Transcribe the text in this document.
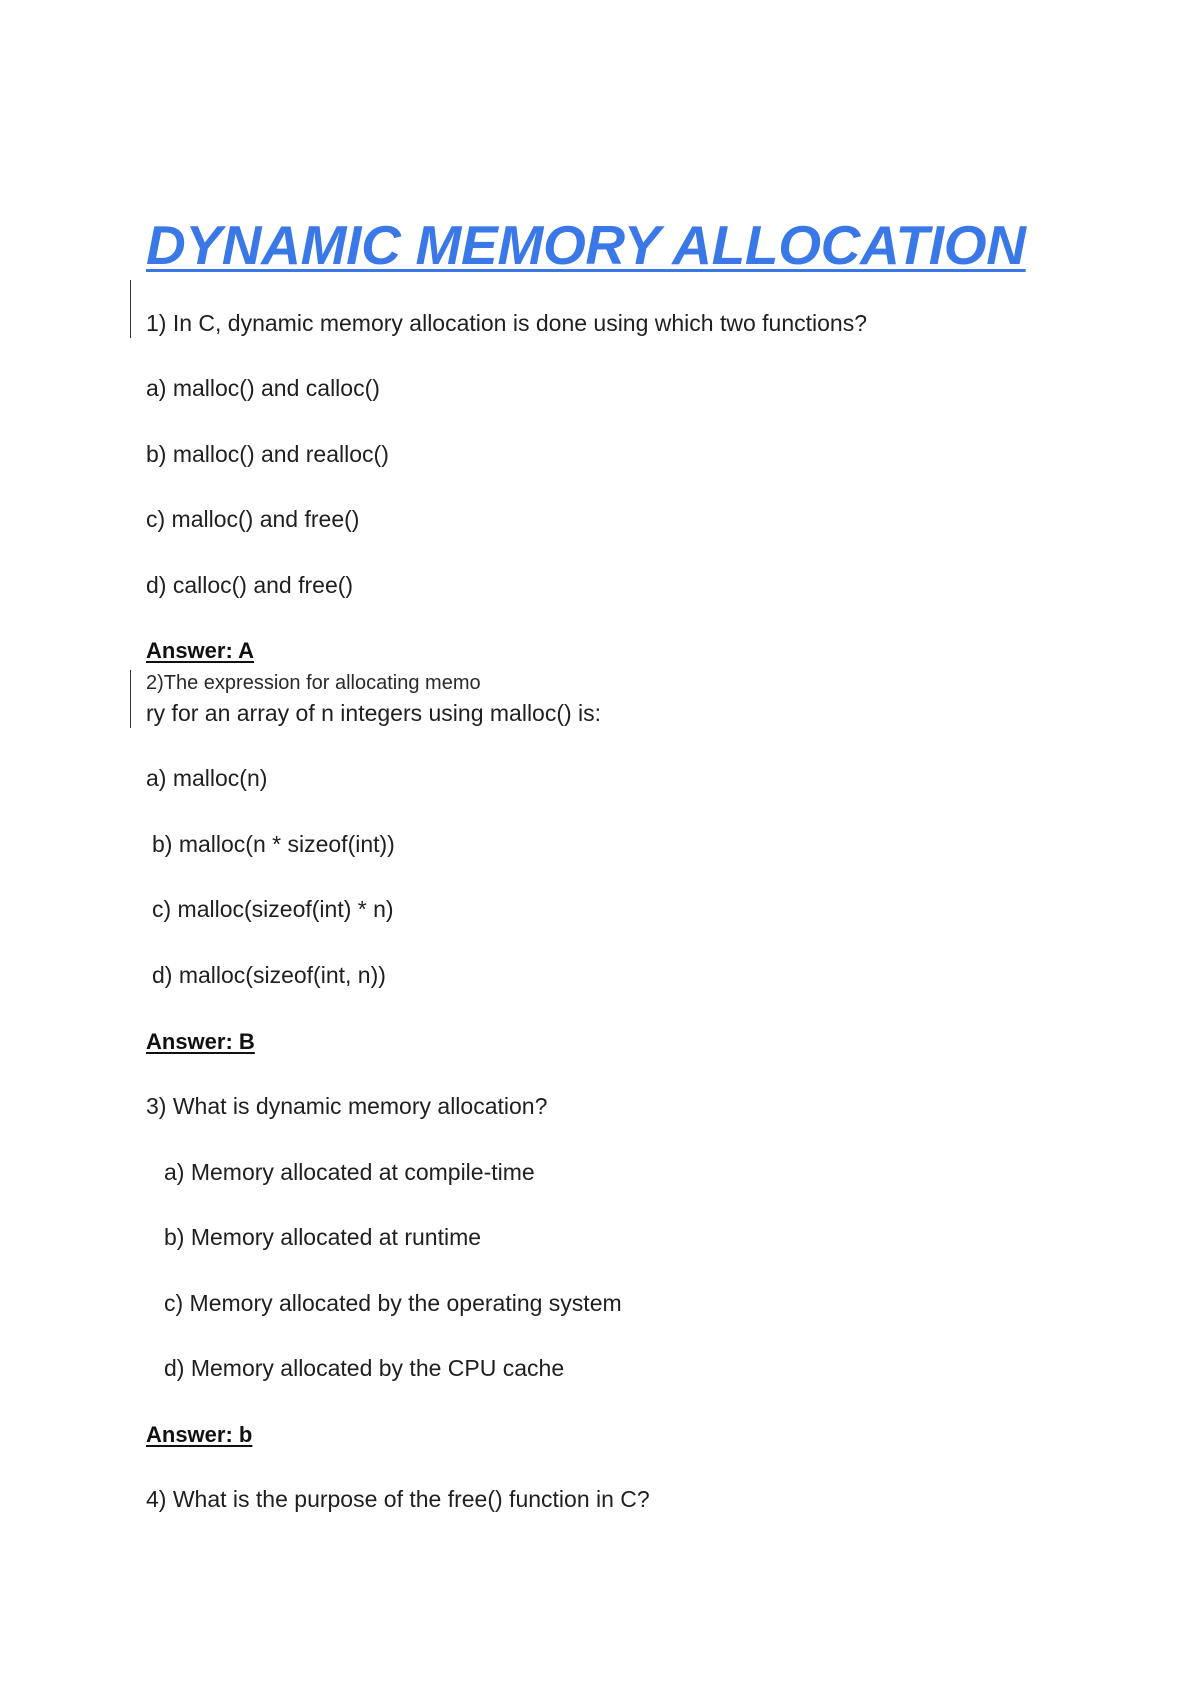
DYNAMIC MEMORY ALLOCATION

1) In C, dynamic memory allocation is done using which two functions?

a) malloc() and calloc()

b) malloc() and realloc()

c) malloc() and free()

d) calloc() and free()

Answer: A

2)The expression for allocating memo

ry for an array of n integers using malloc() is:

a) malloc(n)

b) malloc(n * sizeof(int))

c) malloc(sizeof(int) * n)

d) malloc(sizeof(int, n))

Answer: B

3) What is dynamic memory allocation?

a) Memory allocated at compile-time

b) Memory allocated at runtime

c) Memory allocated by the operating system

d) Memory allocated by the CPU cache

Answer: b

4) What is the purpose of the free() function in C?
